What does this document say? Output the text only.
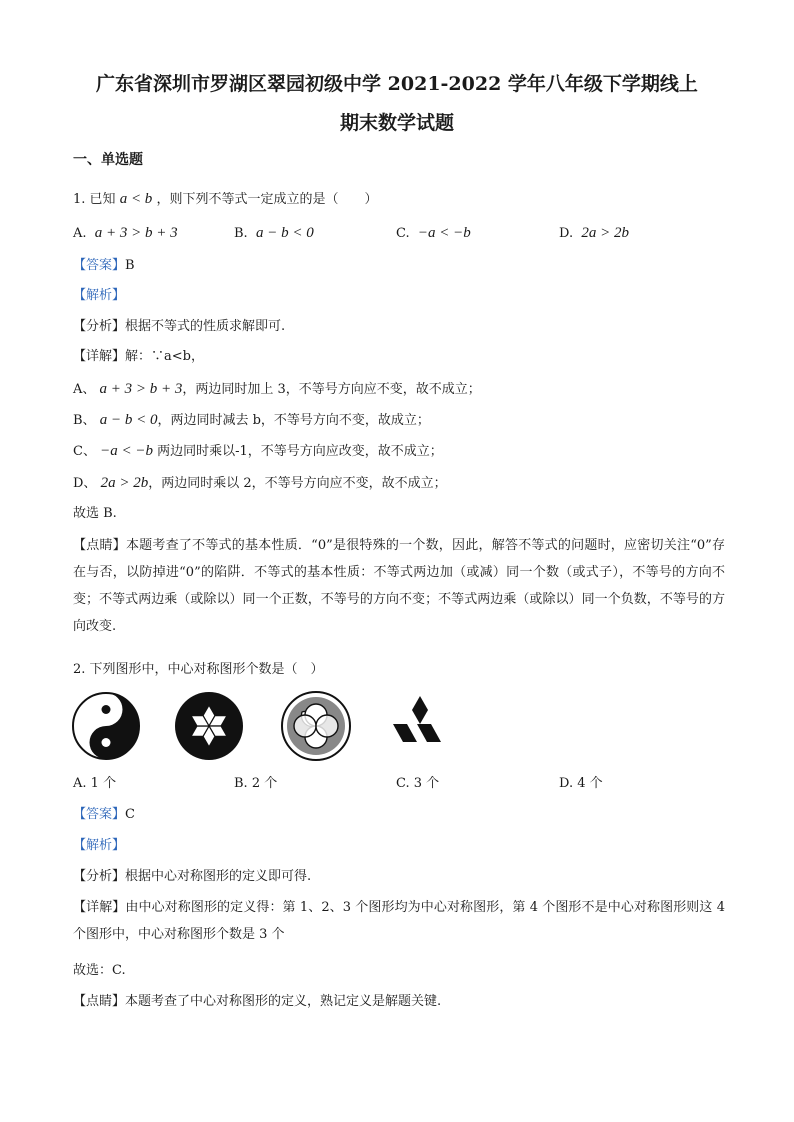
广东省深圳市罗湖区翠园初级中学 2021-2022 学年八年级下学期线上
期末数学试题
一、单选题
1. 已知 a < b ，则下列不等式一定成立的是（　　）
A. a + 3 > b + 3	B. a − b < 0	C. −a < −b	D. 2a > 2b
【答案】B
【解析】
【分析】根据不等式的性质求解即可.
【详解】解：∵a<b，
A、 a + 3 > b + 3，两边同时加上 3，不等号方向应不变，故不成立；
B、 a − b < 0，两边同时减去 b，不等号方向不变，故成立；
C、 −a < −b 两边同时乘以-1，不等号方向应改变，故不成立；
D、 2a > 2b，两边同时乘以 2，不等号方向应不变，故不成立；
故选 B.
【点睛】本题考查了不等式的基本性质．“0”是很特殊的一个数，因此，解答不等式的问题时，应密切关注“0”存在与否，以防掉进“0”的陷阱．不等式的基本性质：不等式两边加（或减）同一个数（或式子），不等号的方向不变；不等式两边乘（或除以）同一个正数，不等号的方向不变；不等式两边乘（或除以）同一个负数，不等号的方向改变.
2. 下列图形中，中心对称图形个数是（　）
A. 1 个	B. 2 个	C. 3 个	D. 4 个
【答案】C
【解析】
【分析】根据中心对称图形的定义即可得.
【详解】由中心对称图形的定义得：第 1、2、3 个图形均为中心对称图形，第 4 个图形不是中心对称图形则这 4 个图形中，中心对称图形个数是 3 个
故选：C.
【点睛】本题考查了中心对称图形的定义，熟记定义是解题关键.
